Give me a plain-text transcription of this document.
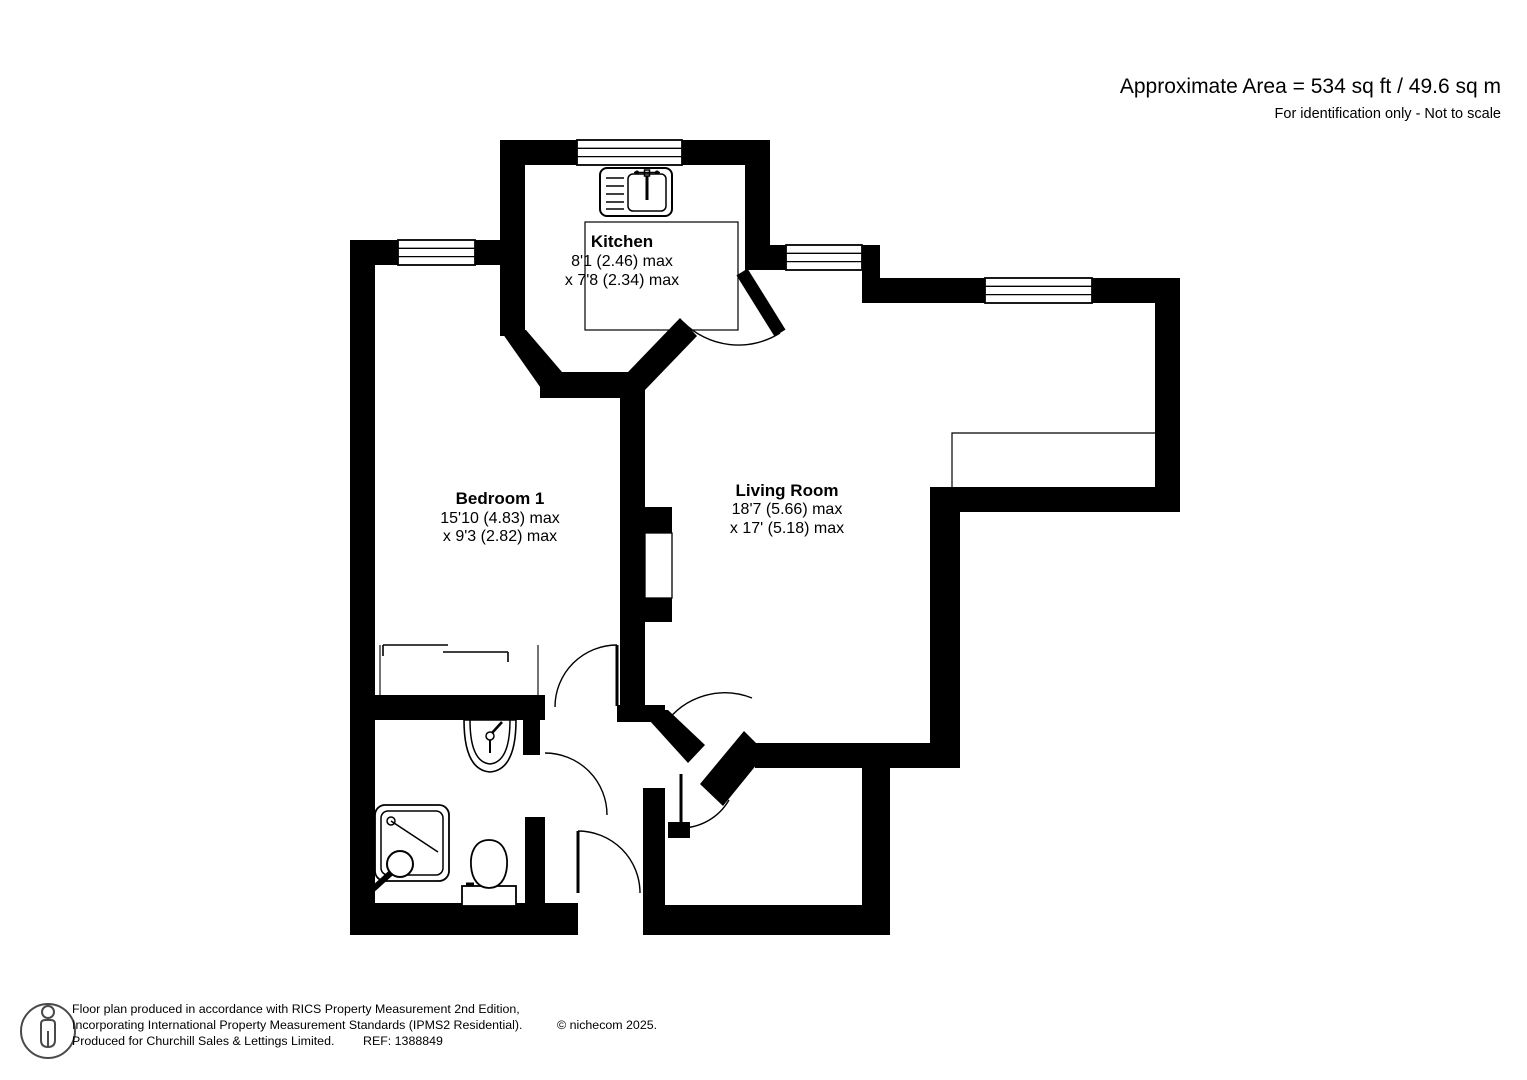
Kitchen
8'1 (2.46) max
x 7'8 (2.34) max
Bedroom 1
15'10 (4.83) max
x 9'3 (2.82) max
Living Room
18'7 (5.66) max
x 17' (5.18) max
Approximate Area = 534 sq ft / 49.6 sq m
For identification only - Not to scale
Floor plan produced in accordance with RICS Property Measurement 2nd Edition,
Incorporating International Property Measurement Standards (IPMS2 Residential).	© nichecom 2025.
Produced for Churchill Sales & Lettings Limited. REF: 1388849
